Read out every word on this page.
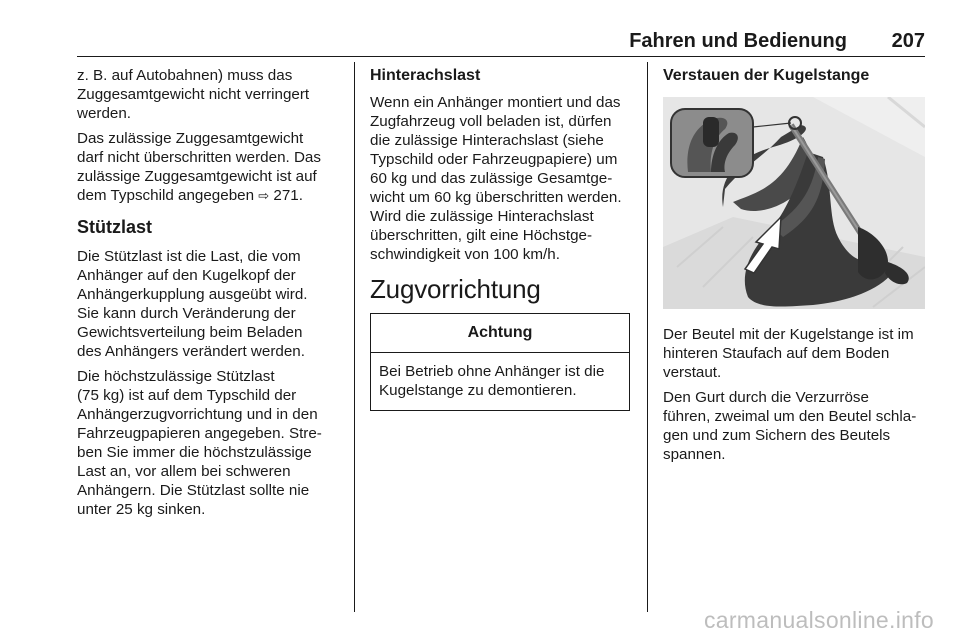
Fahren und Bedienung 207

z. B. auf Autobahnen) muss das
Zuggesamtgewicht nicht verringert
werden.

Das zulässige Zuggesamtgewicht
darf nicht überschritten werden. Das
zulässige Zuggesamtgewicht ist auf
dem Typschild angegeben ⇨ 271.

Stützlast

Die Stützlast ist die Last, die vom
Anhänger auf den Kugelkopf der
Anhängerkupplung ausgeübt wird.
Sie kann durch Veränderung der
Gewichtsverteilung beim Beladen
des Anhängers verändert werden.

Die höchstzulässige Stützlast
(75 kg) ist auf dem Typschild der
Anhängerzugvorrichtung und in den
Fahrzeugpapieren angegeben. Stre-
ben Sie immer die höchstzulässige
Last an, vor allem bei schweren
Anhängern. Die Stützlast sollte nie
unter 25 kg sinken.

Hinterachslast

Wenn ein Anhänger montiert und das
Zugfahrzeug voll beladen ist, dürfen
die zulässige Hinterachslast (siehe
Typschild oder Fahrzeugpapiere) um
60 kg und das zulässige Gesamtge-
wicht um 60 kg überschritten werden.
Wird die zulässige Hinterachslast
überschritten, gilt eine Höchstge-
schwindigkeit von 100 km/h.

Zugvorrichtung
Achtung
Bei Betrieb ohne Anhänger ist die
Kugelstange zu demontieren.
Verstauen der Kugelstange

Der Beutel mit der Kugelstange ist im
hinteren Staufach auf dem Boden
verstaut.

Den Gurt durch die Verzurröse
führen, zweimal um den Beutel schla-
gen und zum Sichern des Beutels
spannen.

carmanualsonline.info
